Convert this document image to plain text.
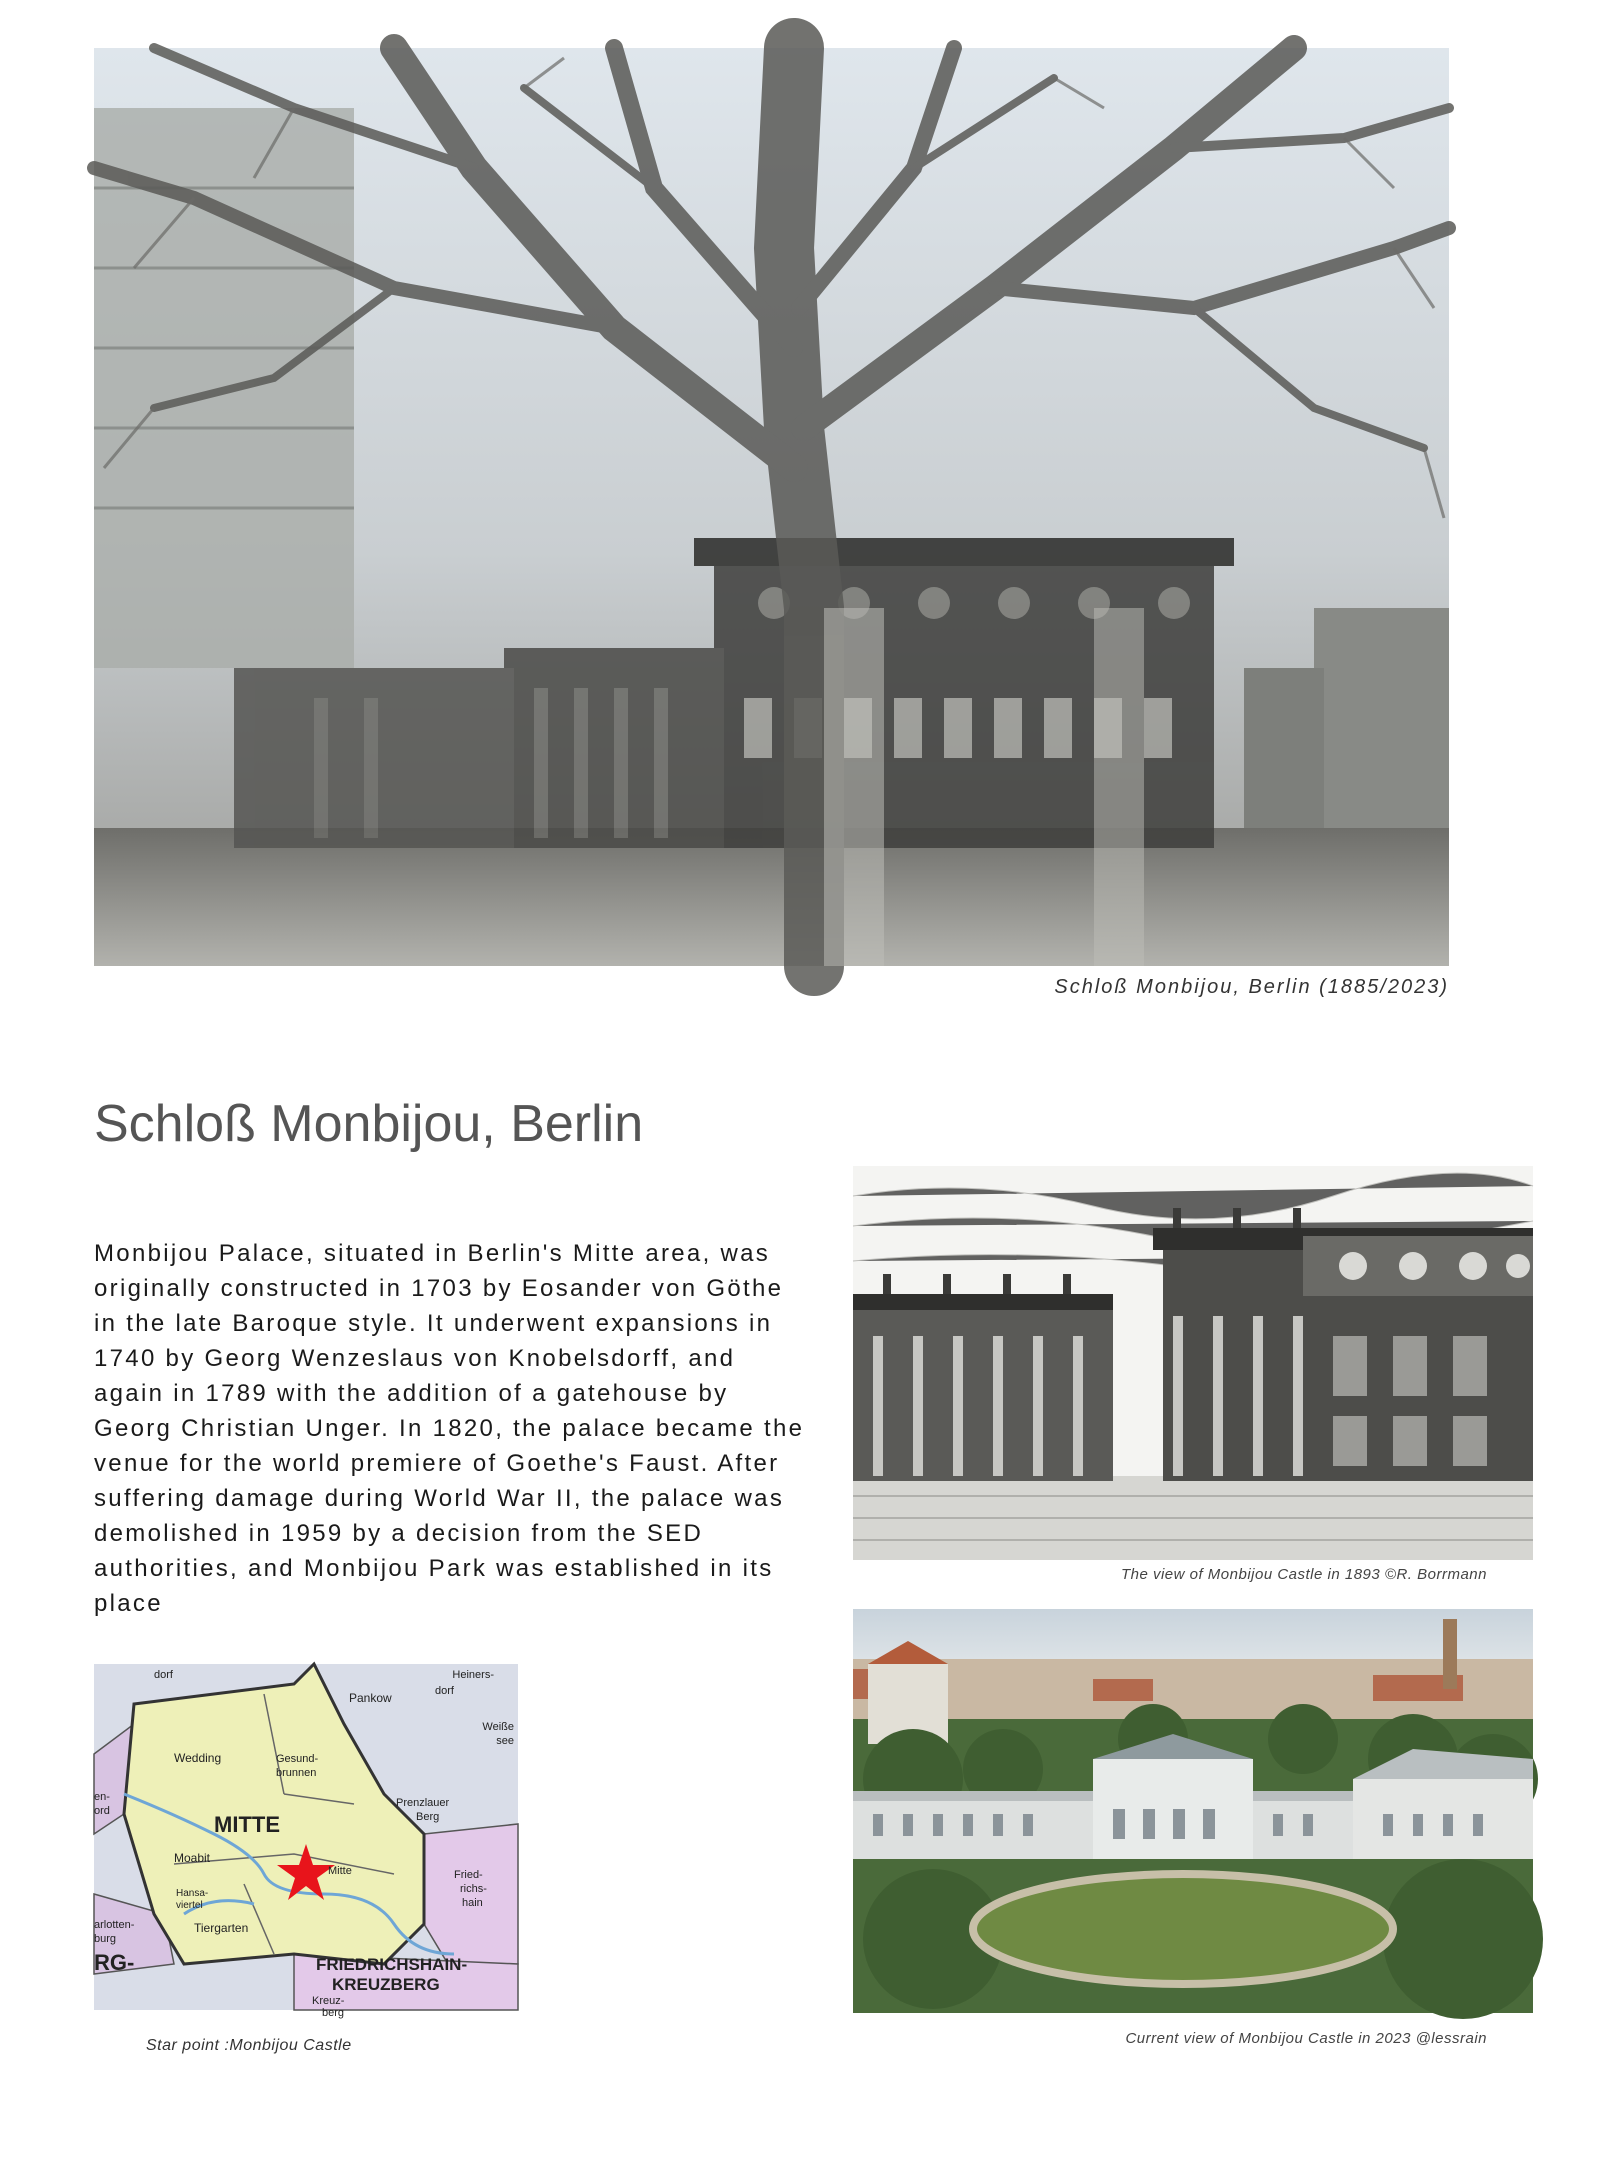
Schloß Monbijou, Berlin (1885/2023)
Schloß Monbijou, Berlin

Monbijou Palace, situated in Berlin's Mitte area, was originally constructed in 1703 by Eosander von Göthe in the late Baroque style. It underwent expansions in 1740 by Georg Wenzeslaus von Knobelsdorff, and again in 1789 with the addition of a gatehouse by Georg Christian Unger. In 1820, the palace became the venue for the world premiere of Goethe's Faust. After suffering damage during World War II, the palace was demolished in 1959 by a decision from the SED authorities, and Monbijou Park was established in its place

The view of Monbijou Castle in 1893 ©R. Borrmann
Heiners-
dorf
dorf
Pankow
Weiße
see
Wedding	Gesund-
brunnen
Prenzlauer
Berg
en-
ord
MITTE
Moabit
Mitte
Hansa-
viertel
Tiergarten
Fried-
richs-
hain
arlotten-
burg
RG-	FRIEDRICHSHAIN-
KREUZBERG
Kreuz-
berg
Star point :Monbijou Castle	Current view of Monbijou Castle in 2023 @lessrain
